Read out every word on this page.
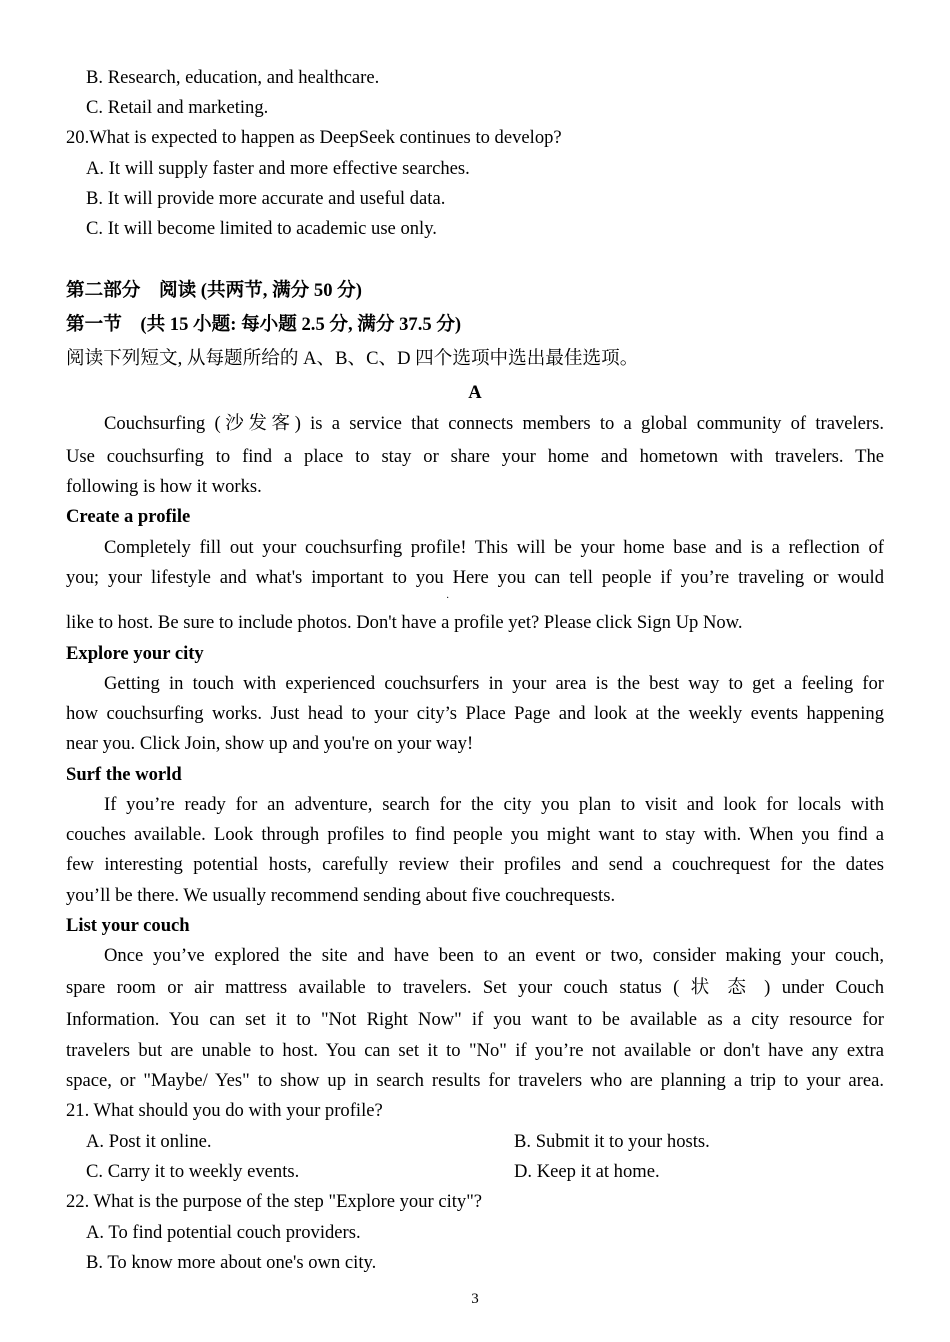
B. Research, education, and healthcare.
C. Retail and marketing.
20.What is expected to happen as DeepSeek continues to develop?
A. It will supply faster and more effective searches.
B. It will provide more accurate and useful data.
C. It will become limited to academic use only.
第二部分　阅读 (共两节, 满分 50 分)
第一节　(共 15 小题: 每小题 2.5 分, 满分 37.5 分)
阅读下列短文, 从每题所给的 A、B、C、D 四个选项中选出最佳选项。
A
Couchsurfing (沙发客) is a service that connects members to a global community of travelers.
Use couchsurfing to find a place to stay or share your home and hometown with travelers. The
following is how it works.
Create a profile
Completely fill out your couchsurfing profile! This will be your home base and is a reflection of
you; your lifestyle and what's important to you Here you can tell people if you’re traveling or would
·
like to host. Be sure to include photos. Don't have a profile yet? Please click Sign Up Now.
Explore your city
Getting in touch with experienced couchsurfers in your area is the best way to get a feeling for
how couchsurfing works. Just head to your city’s Place Page and look at the weekly events happening
near you. Click Join, show up and you're on your way!
Surf the world
If you’re ready for an adventure, search for the city you plan to visit and look for locals with
couches available. Look through profiles to find people you might want to stay with. When you find a
few interesting potential hosts, carefully review their profiles and send a couchrequest for the dates
you’ll be there. We usually recommend sending about five couchrequests.
List your couch
Once you’ve explored the site and have been to an event or two, consider making your couch,
spare room or air mattress available to travelers. Set your couch status ( 状 态 ) under Couch
Information. You can set it to "Not Right Now" if you want to be available as a city resource for
travelers but are unable to host. You can set it to "No" if you’re not available or don't have any extra
space, or "Maybe/ Yes" to show up in search results for travelers who are planning a trip to your area.
21. What should you do with your profile?
A. Post it online.	B. Submit it to your hosts.
C. Carry it to weekly events.	D. Keep it at home.
22. What is the purpose of the step "Explore your city"?
A. To find potential couch providers.
B. To know more about one's own city.
3
